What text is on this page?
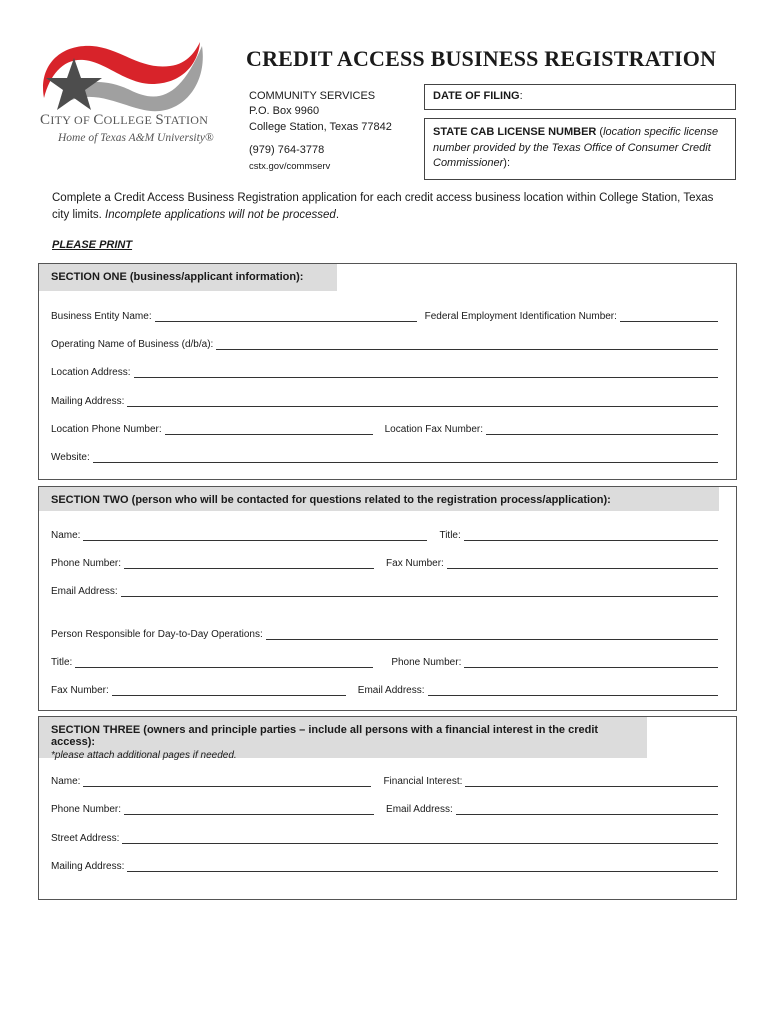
CITY OF COLLEGE STATION
Home of Texas A&M University®
CREDIT ACCESS BUSINESS REGISTRATION
COMMUNITY SERVICES
P.O. Box 9960
College Station, Texas 77842
(979) 764-3778
cstx.gov/commserv
DATE OF FILING:
STATE CAB LICENSE NUMBER (location specific license number provided by the Texas Office of Consumer Credit Commissioner):
Complete a Credit Access Business Registration application for each credit access business location within College Station, Texas city limits. Incomplete applications will not be processed.
PLEASE PRINT
SECTION ONE (business/applicant information):
Business Entity Name:	Federal Employment Identification Number:
Operating Name of Business (d/b/a):
Location Address:
Mailing Address:
Location Phone Number:	Location Fax Number:
Website:
SECTION TWO (person who will be contacted for questions related to the registration process/application):
Name:	Title:
Phone Number:	Fax Number:
Email Address:
Person Responsible for Day-to-Day Operations:
Title:	Phone Number:
Fax Number:	Email Address:
SECTION THREE (owners and principle parties – include all persons with a financial interest in the credit access):
*please attach additional pages if needed.
Name:	Financial Interest:
Phone Number:	Email Address:
Street Address:
Mailing Address:
